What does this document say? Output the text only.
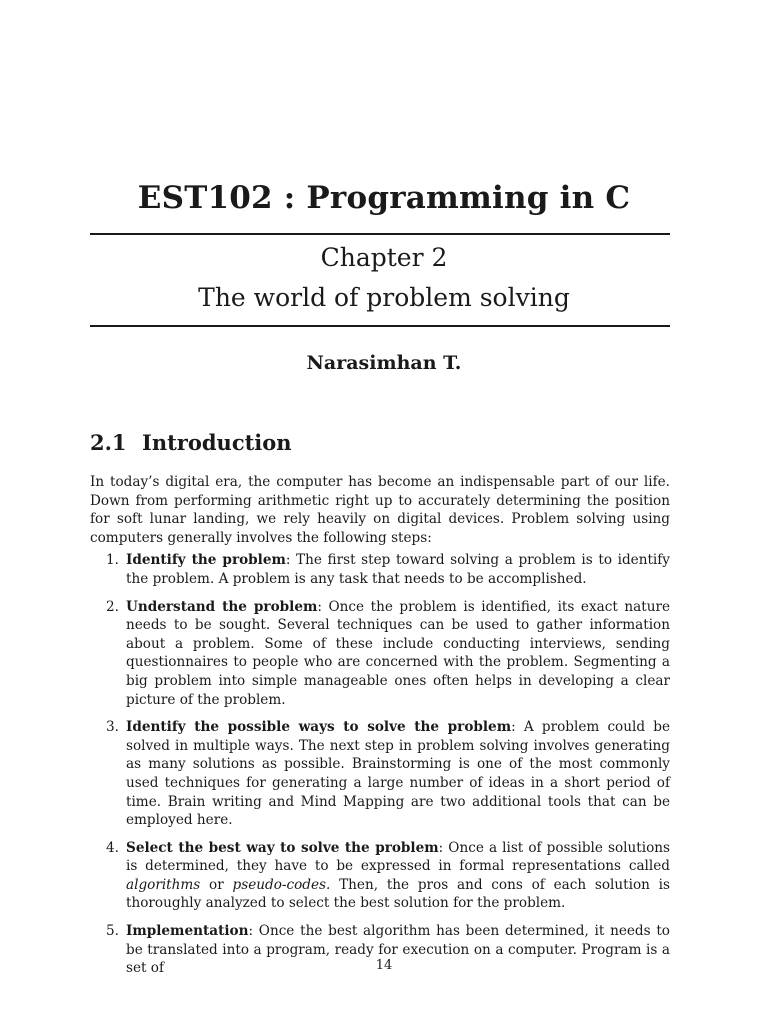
EST102 : Programming in C
Chapter 2
The world of problem solving
Narasimhan T.
2.1 Introduction

In today’s digital era, the computer has become an indispensable part of our life. Down from performing arithmetic right up to accurately determining the position for soft lunar landing, we rely heavily on digital devices. Problem solving using computers generally involves the following steps:

1. Identify the problem: The first step toward solving a problem is to identify the problem. A problem is any task that needs to be accomplished.
2. Understand the problem: Once the problem is identified, its exact nature needs to be sought. Several techniques can be used to gather information about a problem. Some of these include conducting interviews, sending questionnaires to people who are concerned with the problem. Segmenting a big problem into simple manageable ones often helps in developing a clear picture of the problem.
3. Identify the possible ways to solve the problem: A problem could be solved in multiple ways. The next step in problem solving involves generating as many solutions as possible. Brainstorming is one of the most commonly used techniques for generating a large number of ideas in a short period of time. Brain writing and Mind Mapping are two additional tools that can be employed here.
4. Select the best way to solve the problem: Once a list of possible solutions is determined, they have to be expressed in formal representations called algorithms or pseudo-codes. Then, the pros and cons of each solution is thoroughly analyzed to select the best solution for the problem.
5. Implementation: Once the best algorithm has been determined, it needs to be translated into a program, ready for execution on a computer. Program is a set of	14
